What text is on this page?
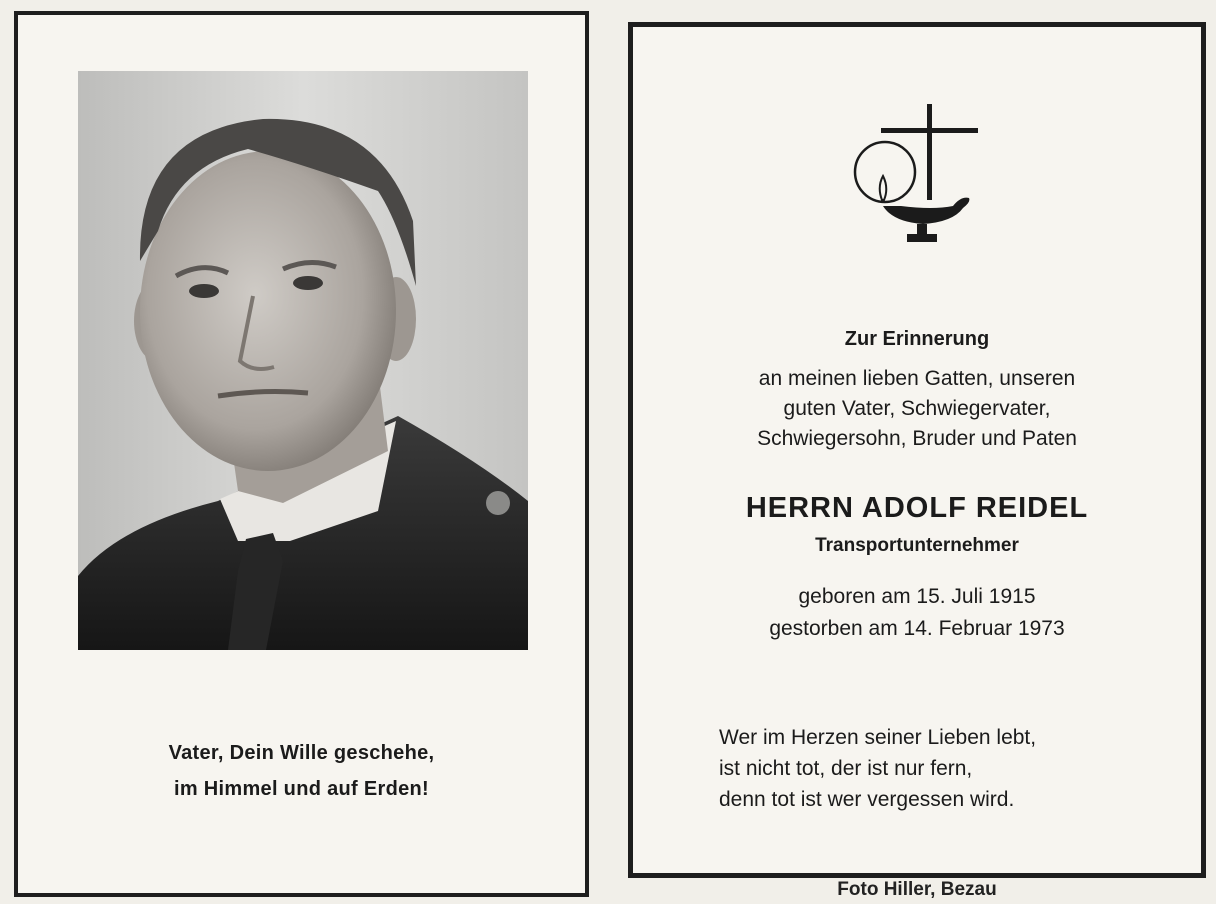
Vater, Dein Wille geschehe,
im Himmel und auf Erden!
Zur Erinnerung
an meinen lieben Gatten, unseren
guten Vater, Schwiegervater,
Schwiegersohn, Bruder und Paten
HERRN ADOLF REIDEL
Transportunternehmer
geboren am 15. Juli 1915
gestorben am 14. Februar 1973
Wer im Herzen seiner Lieben lebt,
ist nicht tot, der ist nur fern,
denn tot ist wer vergessen wird.
Foto Hiller, Bezau
